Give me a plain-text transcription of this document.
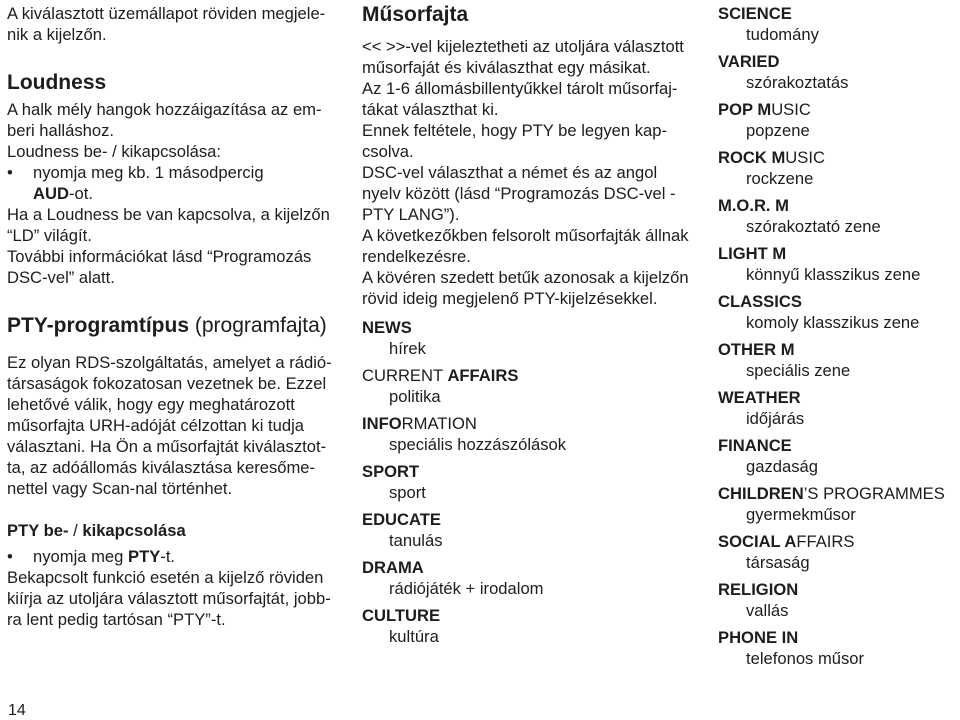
A kiválasztott üzemállapot röviden megjele-
nik a kijelzőn.

Loudness

A halk mély hangok hozzáigazítása az em-
beri halláshoz.

Loudness be- / kikapcsolása:

• nyomja meg kb. 1 másodpercig

AUD-ot.

Ha a Loudness be van kapcsolva, a kijelzőn
“LD” világít.

További információkat lásd “Programozás
DSC-vel” alatt.

PTY-programtípus (programfajta)

Ez olyan RDS-szolgáltatás, amelyet a rádió-
társaságok fokozatosan vezetnek be. Ezzel
lehetővé válik, hogy egy meghatározott
műsorfajta URH-adóját célzottan ki tudja
választani. Ha Ön a műsorfajtát kiválasztot-
ta, az adóállomás kiválasztása keresőme-
nettel vagy Scan-nal történhet.

PTY be- / kikapcsolása

• nyomja meg PTY-t.

Bekapcsolt funkció esetén a kijelző röviden
kiírja az utoljára választott műsorfajtát, jobb-
ra lent pedig tartósan “PTY”-t.

Műsorfajta

<< >>-vel kijeleztetheti az utoljára választott
műsorfaját és kiválaszthat egy másikat.

Az 1-6 állomásbillentyűkkel tárolt műsorfaj-
tákat választhat ki.

Ennek feltétele, hogy PTY be legyen kap-
csolva.

DSC-vel választhat a német és az angol
nyelv között (lásd “Programozás DSC-vel -
PTY LANG”).

A következőkben felsorolt műsorfajták állnak
rendelkezésre.

A kövéren szedett betűk azonosak a kijelzőn
rövid ideig megjelenő PTY-kijelzésekkel.

NEWS

hírek

CURRENT AFFAIRS

politika

INFORMATION

speciális hozzászólások

SPORT

sport

EDUCATE

tanulás

DRAMA

rádiójáték + irodalom

CULTURE

kultúra

SCIENCE

tudomány

VARIED

szórakoztatás

POP MUSIC

popzene

ROCK MUSIC

rockzene

M.O.R. M

szórakoztató zene

LIGHT M

könnyű klasszikus zene

CLASSICS

komoly klasszikus zene

OTHER M

speciális zene

WEATHER

időjárás

FINANCE

gazdaság

CHILDREN’S PROGRAMMES

gyermekműsor

SOCIAL AFFAIRS

társaság

RELIGION

vallás

PHONE IN

telefonos műsor

14
